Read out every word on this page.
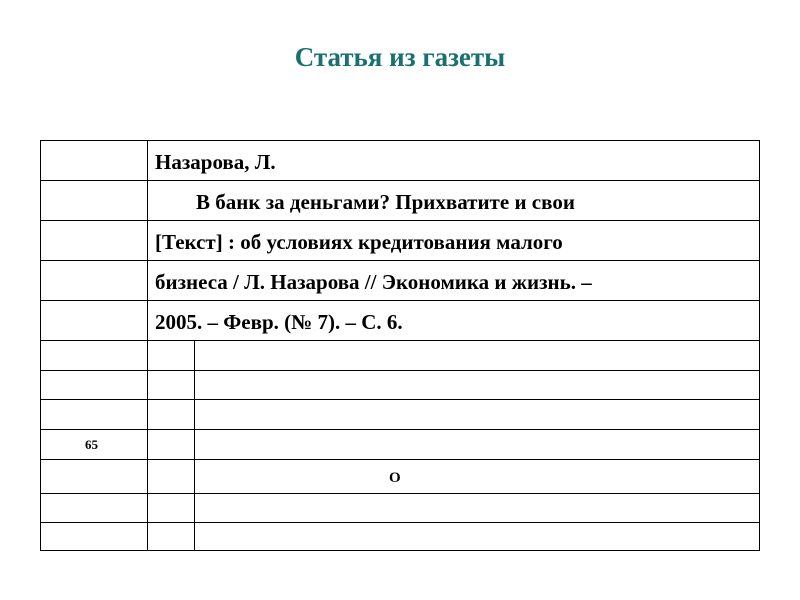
Статья из газеты
Назарова, Л.
В банк за деньгами? Прихватите и свои
[Текст] : об условиях кредитования малого
бизнеса / Л. Назарова // Экономика и жизнь. –
2005. – Февр. (№ 7). – С. 6.
65
О
